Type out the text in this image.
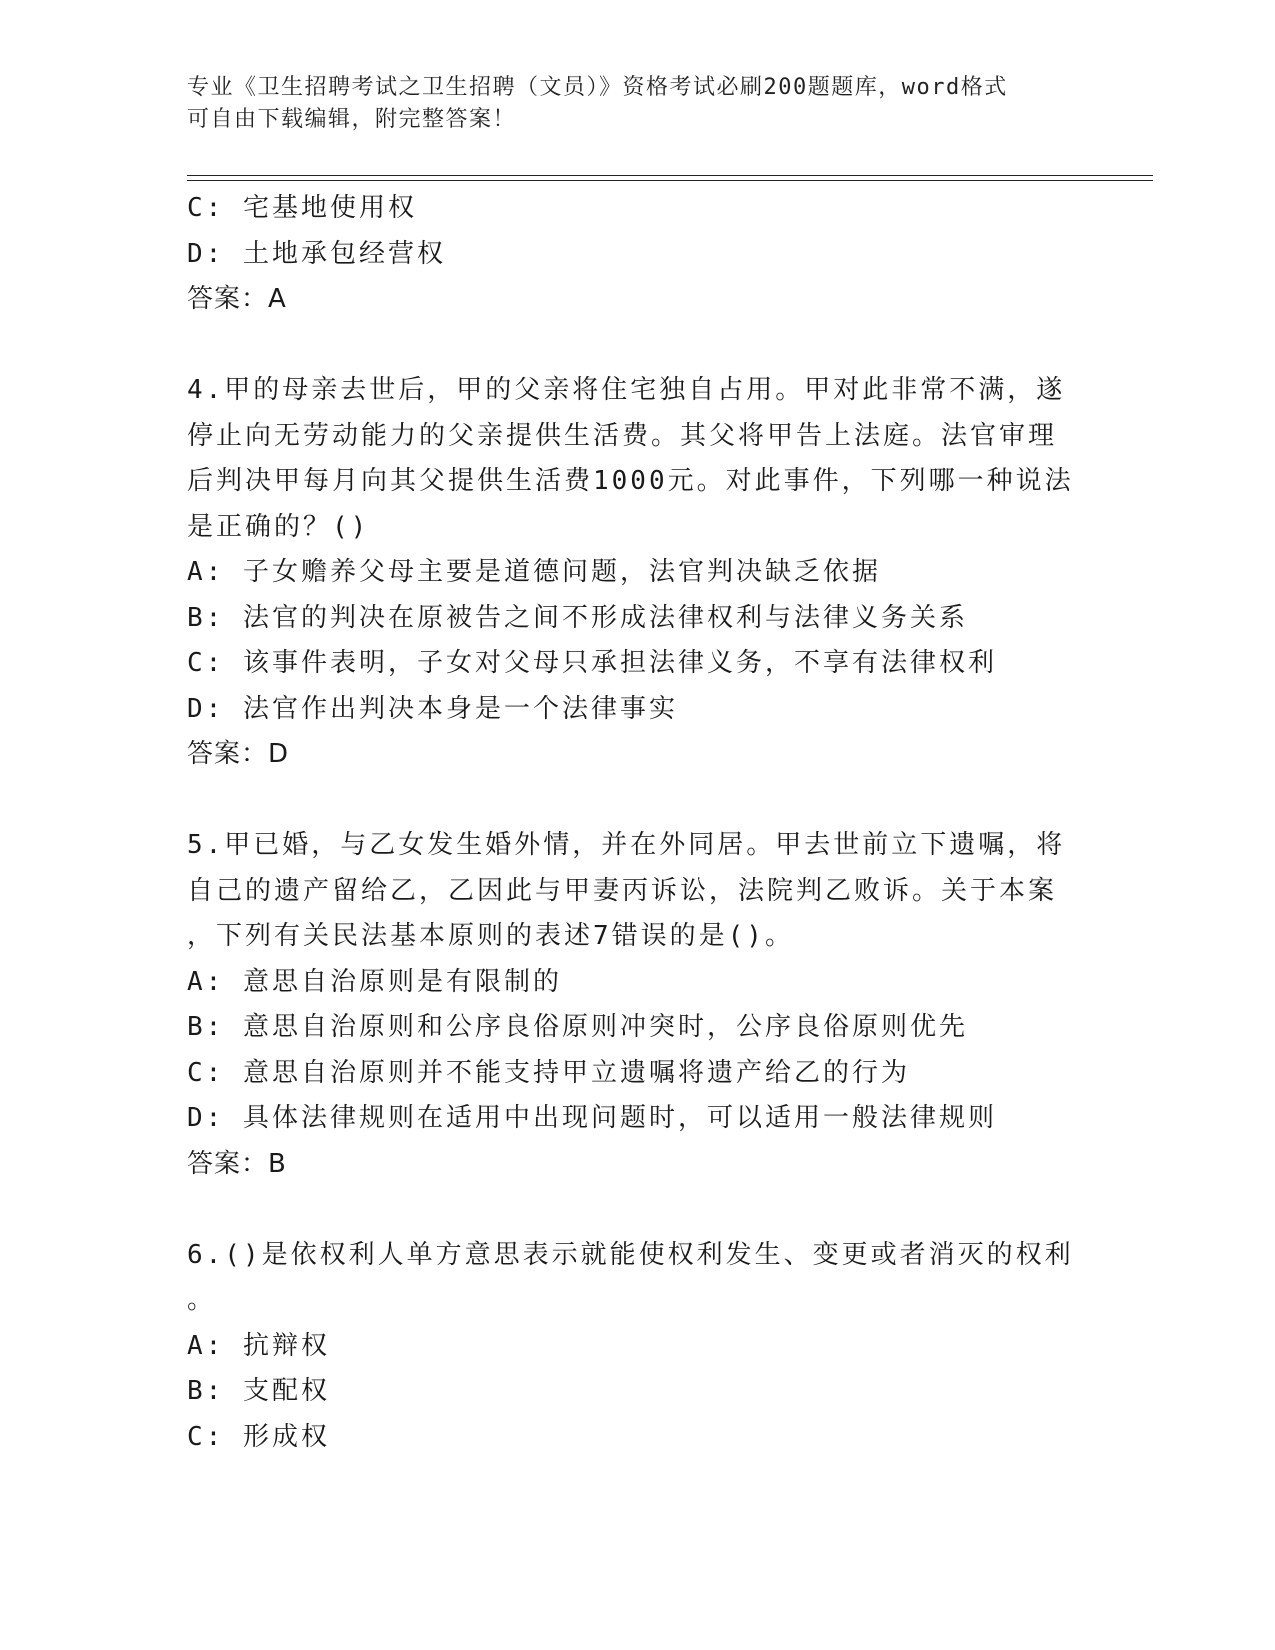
专业《卫生招聘考试之卫生招聘（文员）》资格考试必刷200题题库，word格式
可自由下载编辑，附完整答案！
C: 宅基地使用权
D: 土地承包经营权
答案：A
4.甲的母亲去世后，甲的父亲将住宅独自占用。甲对此非常不满，遂
停止向无劳动能力的父亲提供生活费。其父将甲告上法庭。法官审理
后判决甲每月向其父提供生活费1000元。对此事件，下列哪一种说法
是正确的？()
A: 子女赡养父母主要是道德问题，法官判决缺乏依据
B: 法官的判决在原被告之间不形成法律权利与法律义务关系
C: 该事件表明，子女对父母只承担法律义务，不享有法律权利
D: 法官作出判决本身是一个法律事实
答案：D
5.甲已婚，与乙女发生婚外情，并在外同居。甲去世前立下遗嘱，将
自己的遗产留给乙，乙因此与甲妻丙诉讼，法院判乙败诉。关于本案
，下列有关民法基本原则的表述7错误的是()。
A: 意思自治原则是有限制的
B: 意思自治原则和公序良俗原则冲突时，公序良俗原则优先
C: 意思自治原则并不能支持甲立遗嘱将遗产给乙的行为
D: 具体法律规则在适用中出现问题时，可以适用一般法律规则
答案：B
6.()是依权利人单方意思表示就能使权利发生、变更或者消灭的权利
。
A: 抗辩权
B: 支配权
C: 形成权
